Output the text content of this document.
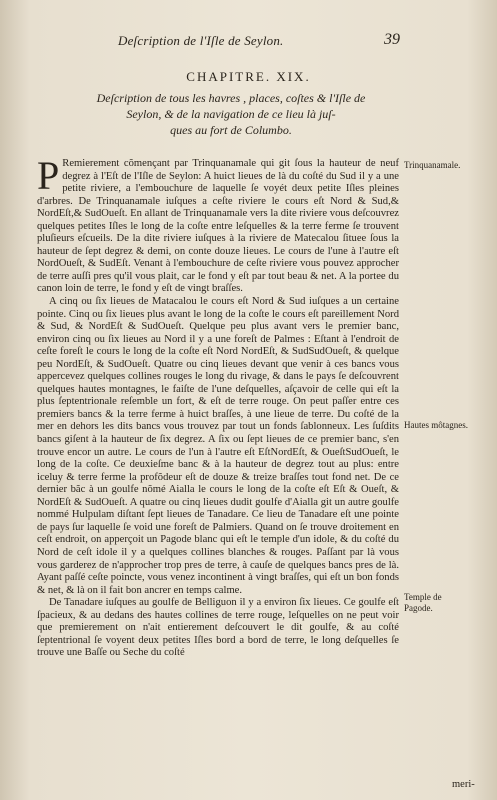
Deſcription de l'Iſle de Seylon.	39
CHAPITRE. XIX.
Deſcription de tous les havres , places, coſtes & l'Iſle de
Seylon, & de la navigation de ce lieu là juſ-
ques au fort de Columbo.

P Remierement cõmençant par Trinquanamale qui git ſous la hauteur de neuf degrez à l'Eſt de l'Iſle de Seylon: A huict lieues de là du coſté du Sud il y a une petite riviere, a l'embouchure de laquelle ſe voyét deux petite Iſles pleines d'arbres. De Trinquanamale iuſques a ceſte riviere le cours eſt Nord & Sud,& NordEſt,& SudOueſt. En allant de Trinquanamale vers la dite riviere vous deſcouvrez quelques petites Iſles le long de la coſte entre leſquelles & la terre ferme ſe trouvent pluſieurs eſcueils. De la dite riviere iuſques à la riviere de Matecalou ſituee ſous la hauteur de ſept degrez & demi, on conte douze lieues. Le cours de l'une à l'autre eſt NordOueſt, & SudEſt. Venant à l'embouchure de ceſte riviere vous pouvez approcher de terre auſſi pres qu'il vous plait, car le fond y eſt par tout beau & net. A la portee du canon loin de terre, le fond y eſt de vingt braſſes.

A cinq ou ſix lieues de Matacalou le cours eſt Nord & Sud iuſques a un certaine pointe. Cinq ou ſix lieues plus avant le long de la coſte le cours eſt pareillement Nord & Sud, & NordEſt & SudOueſt. Quelque peu plus avant vers le premier banc, environ cinq ou ſix lieues au Nord il y a une foreſt de Palmes : Eſtant à l'endroit de ceſte foreſt le cours le long de la coſte eſt Nord NordEſt, & SudSudOueſt, & quelque peu NordEſt, & SudOueſt. Quatre ou cinq lieues devant que venir à ces bancs vous appercevez quelques collines rouges le long du rivage, & dans le pays ſe deſcouvrent quelques hautes montagnes, le faiſte de l'une deſquelles, aſçavoir de celle qui eſt la plus ſeptentrionale reſemble un fort, & eſt de terre rouge. On peut paſſer entre ces premiers bancs & la terre ferme à huict braſſes, à une lieue de terre. Du coſté de la mer en dehors les dits bancs vous trouvez par tout un fonds ſablonneux. Les ſuſdits bancs giſent à la hauteur de ſix degrez. A ſix ou ſept lieues de ce premier banc, s'en trouve encor un autre. Le cours de l'un à l'autre eſt EſtNordEſt, & OueſtSudOueſt, le long de la coſte. Ce deuxieſme banc & à la hauteur de degrez tout au plus: entre iceluy & terre ferme la profõdeur eſt de douze & treize braſſes tout fond net. De ce dernier bãc à un goulfe nõmé Aialla le cours le long de la coſte eſt Eſt & Oueſt, & NordEſt & SudOueſt. A quatre ou cinq lieues dudit goulfe d'Aialla git un autre goulfe nommé Hulpulam diſtant ſept lieues de Tanadare. Ce lieu de Tanadare eſt une pointe de pays ſur laquelle ſe void une foreſt de Palmiers. Quand on ſe trouve droitement en ceſt endroit, on apperçoit un Pagode blanc qui eſt le temple d'un idole, & du coſté du Nord de ceſt idole il y a quelques collines blanches & rouges. Paſſant par là vous vous garderez de n'approcher trop pres de terre, à cauſe de quelques bancs pres de là. Ayant paſſé ceſte poincte, vous venez incontinent à vingt braſſes, qui eſt un bon fonds & net, & là on il fait bon ancrer en temps calme.

De Tanadare iuſques au goulfe de Belliguon il y a environ ſix lieues. Ce goulfe eſt ſpacieux, & au dedans des hautes collines de terre rouge, leſquelles on ne peut voir que premierement on n'ait entierement deſcouvert le dit goulfe, & au coſté ſeptentrional ſe voyent deux petites Iſles bord a bord de terre, le long deſquelles ſe trouve une Baſſe ou Seche du coſté

Trinquanamale.
Hautes môtagnes.
Temple de Pagode.
meri-
